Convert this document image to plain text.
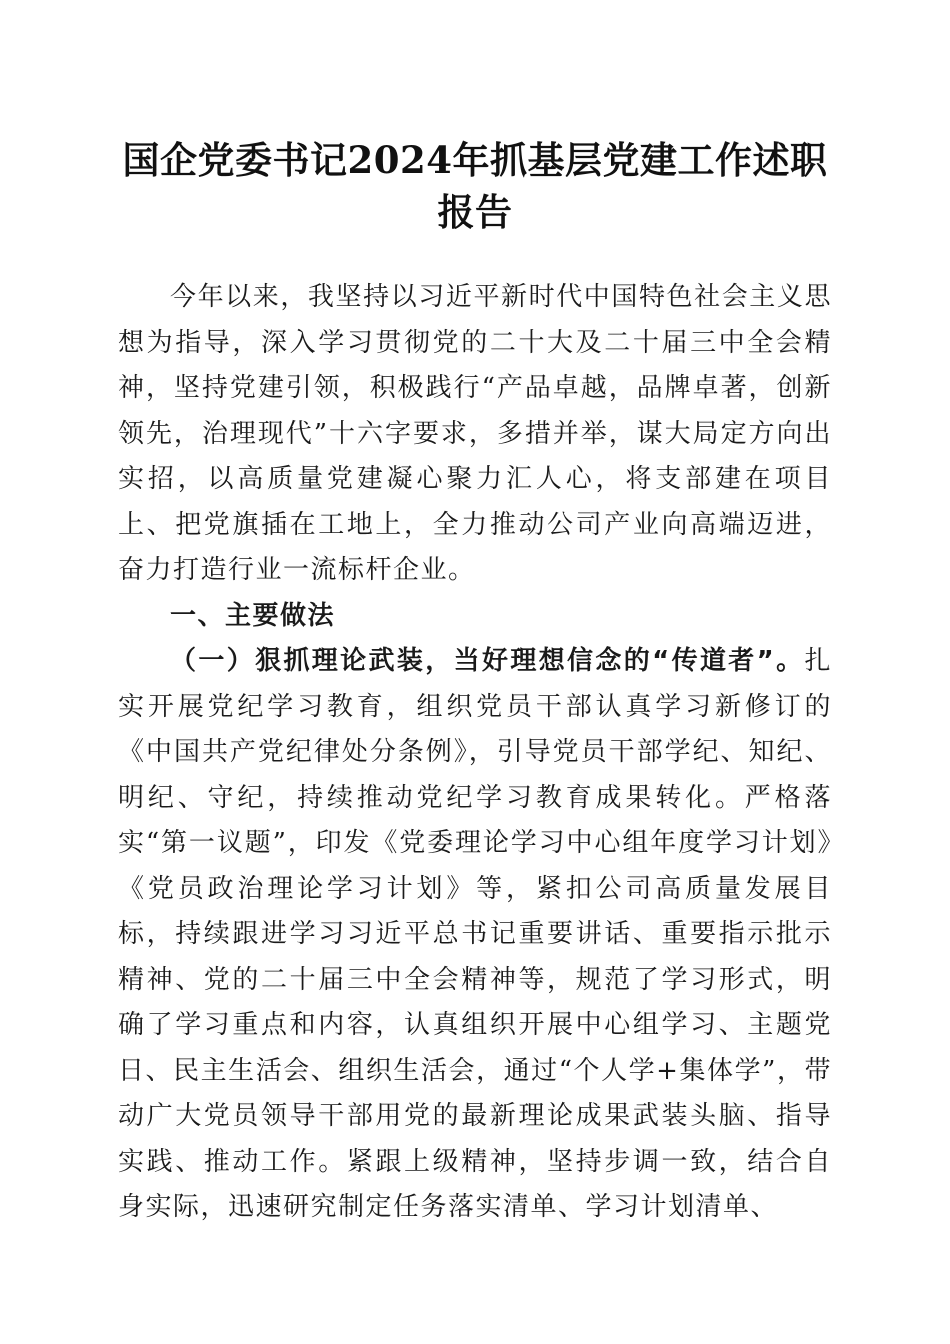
国企党委书记2024年抓基层党建工作述职报告

今年以来，我坚持以习近平新时代中国特色社会主义思想为指导，深入学习贯彻党的二十大及二十届三中全会精神，坚持党建引领，积极践行“产品卓越，品牌卓著，创新领先，治理现代”十六字要求，多措并举，谋大局定方向出实招，以高质量党建凝心聚力汇人心，将支部建在项目上、把党旗插在工地上，全力推动公司产业向高端迈进，奋力打造行业一流标杆企业。

一、主要做法

（一）狠抓理论武装，当好理想信念的“传道者”。扎实开展党纪学习教育，组织党员干部认真学习新修订的《中国共产党纪律处分条例》，引导党员干部学纪、知纪、明纪、守纪，持续推动党纪学习教育成果转化。严格落实“第一议题”，印发《党委理论学习中心组年度学习计划》《党员政治理论学习计划》等，紧扣公司高质量发展目标，持续跟进学习习近平总书记重要讲话、重要指示批示精神、党的二十届三中全会精神等，规范了学习形式，明确了学习重点和内容，认真组织开展中心组学习、主题党日、民主生活会、组织生活会，通过“个人学+集体学”，带动广大党员领导干部用党的最新理论成果武装头脑、指导实践、推动工作。紧跟上级精神，坚持步调一致，结合自身实际，迅速研究制定任务落实清单、学习计划清单、
